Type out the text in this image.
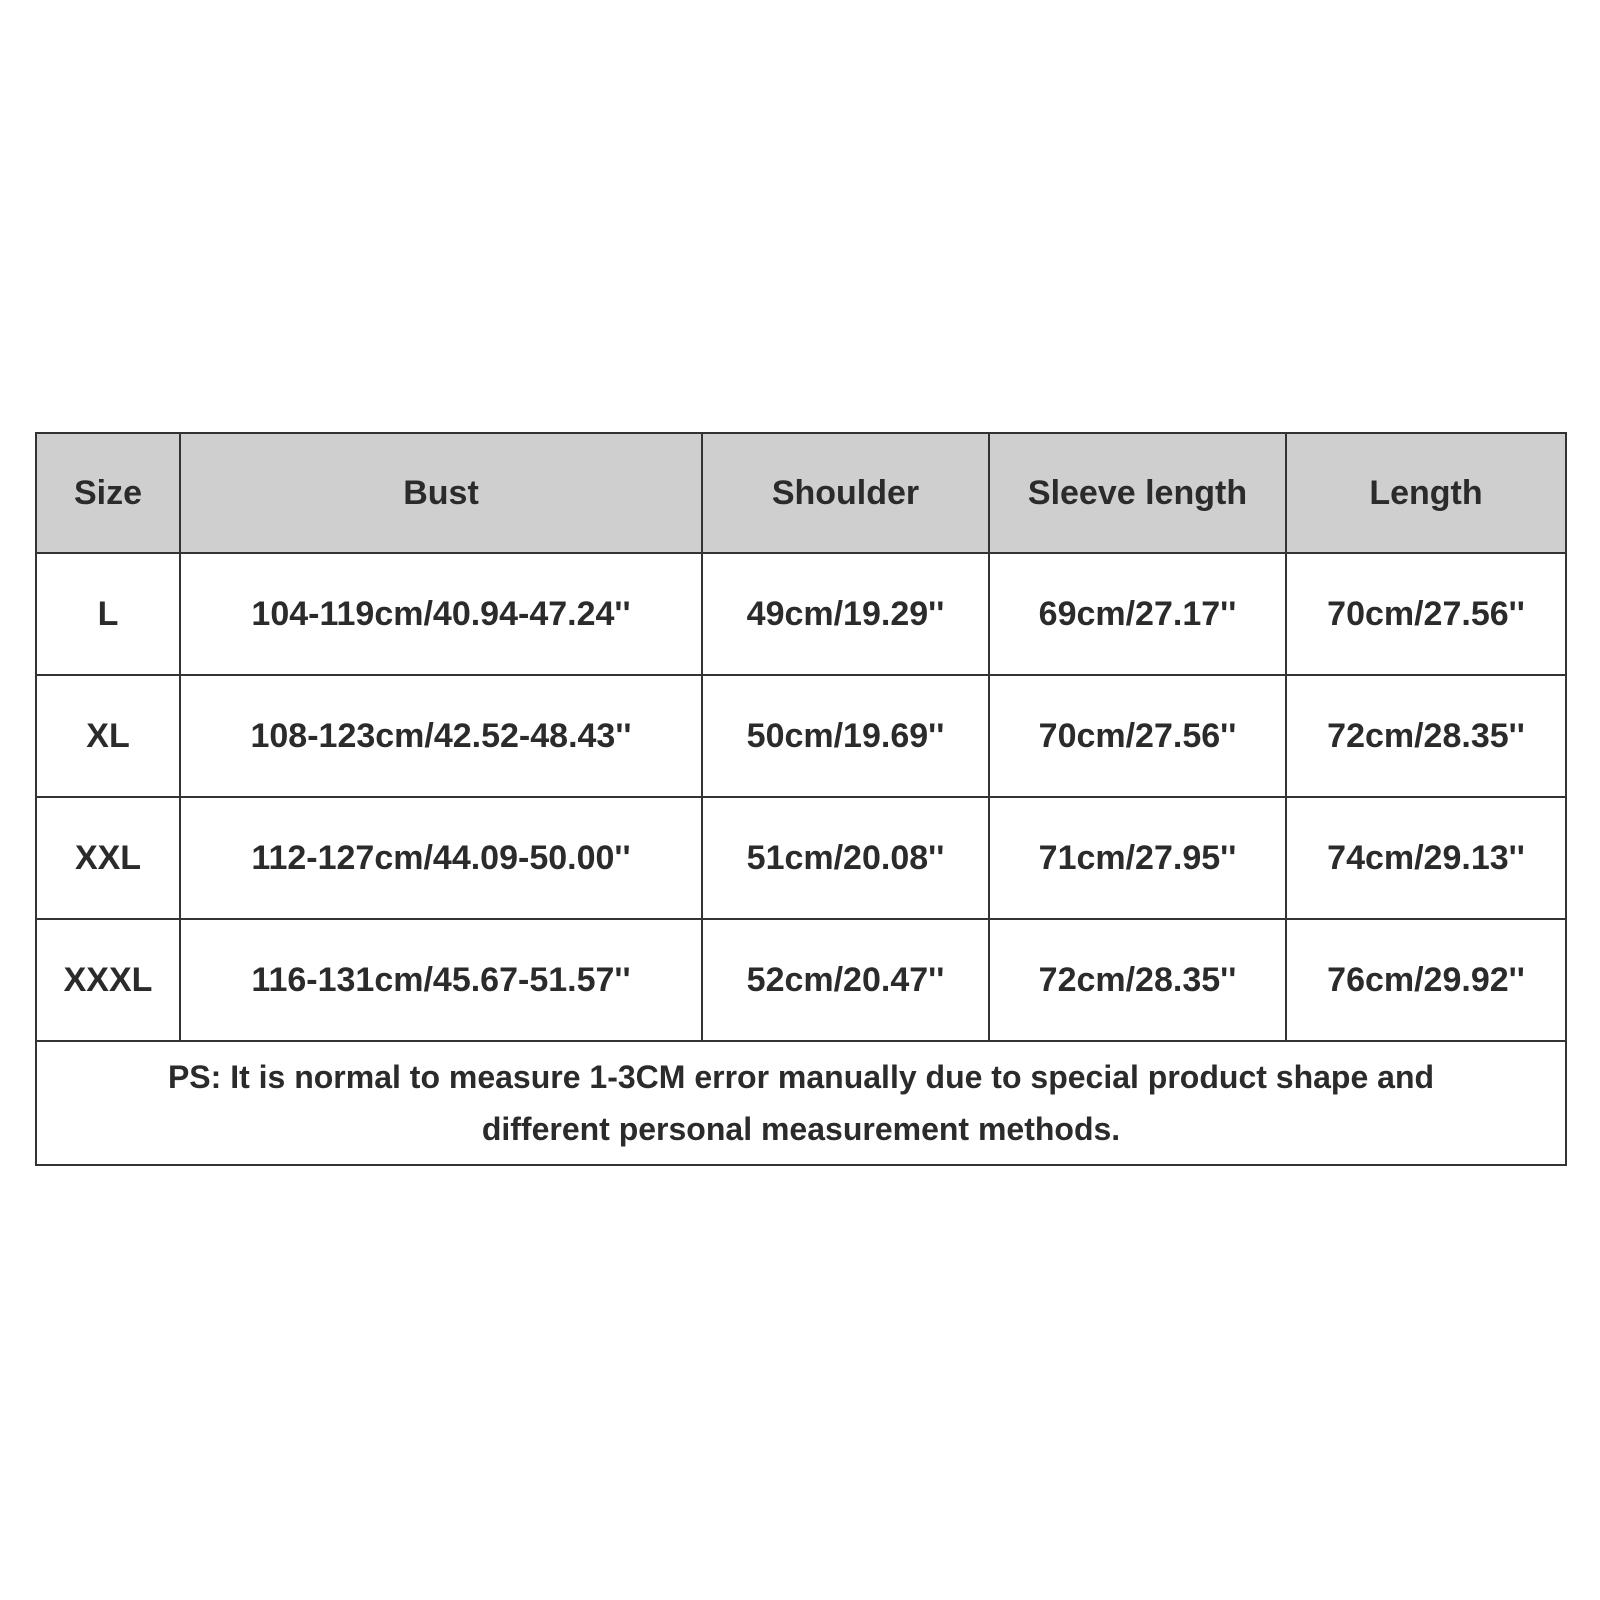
Size	Bust	Shoulder	Sleeve length	Length
L	104-119cm/40.94-47.24''	49cm/19.29''	69cm/27.17''	70cm/27.56''
XL	108-123cm/42.52-48.43''	50cm/19.69''	70cm/27.56''	72cm/28.35''
XXL	112-127cm/44.09-50.00''	51cm/20.08''	71cm/27.95''	74cm/29.13''
XXXL	116-131cm/45.67-51.57''	52cm/20.47''	72cm/28.35''	76cm/29.92''

PS: It is normal to measure 1-3CM error manually due to special product shape and
different personal measurement methods.				
